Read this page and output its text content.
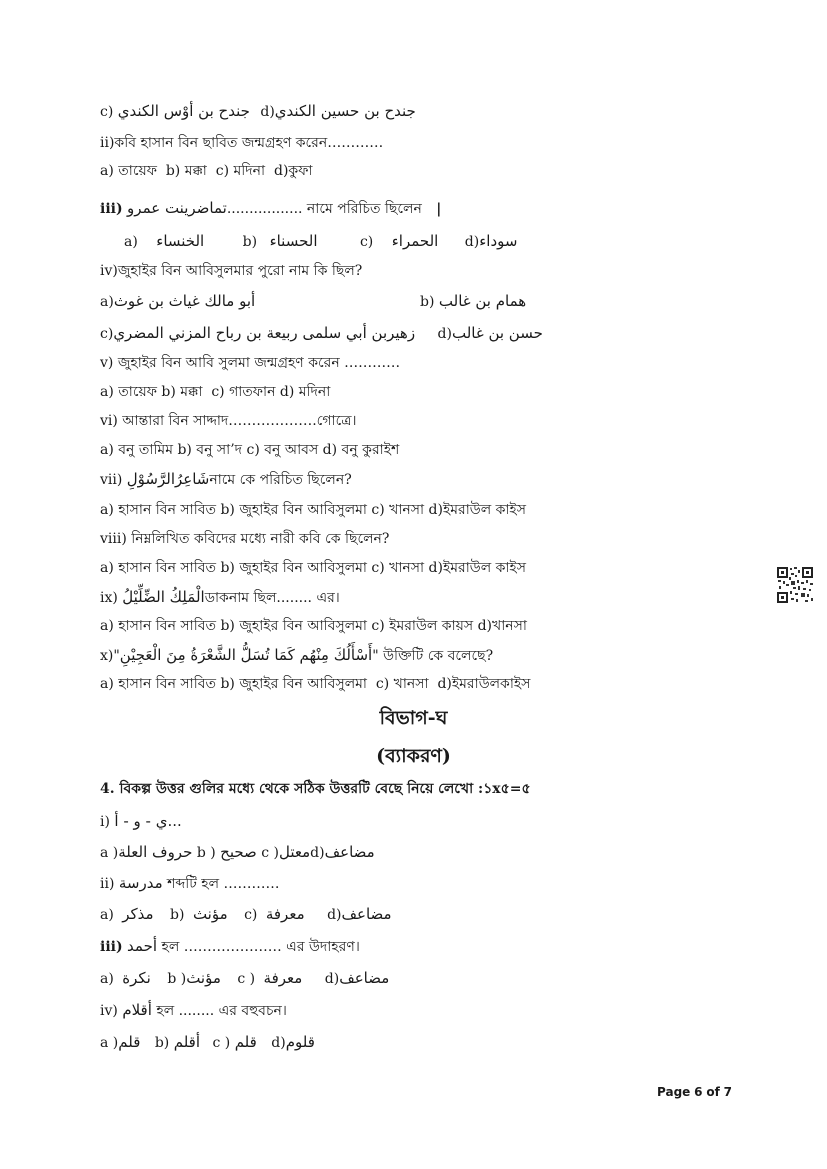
c) جندح بن أوْس الكندي d)جندح بن حسين الكندي
ii)কবি হাসান বিন ছাবিত জন্মগ্রহণ করেন…………
a) তায়েফ b) মক্কা c) মদিনা d)কুফা
iii) تماضرينت عمرو................. নামে পরিচিত ছিলেন |
a) الخنساء	b) الحسناء	c) الحمراء d)سوداء
iv)জুহাইর বিন আবিসুলমার পুরো নাম কি ছিল?
a)أبو مالك غياث بن غوث	b) همام بن غالب
c)زهيربن أبي سلمى ربيعة بن رباح المزني المضري d)حسن بن غالب
v) জুহাইর বিন আবি সুলমা জন্মগ্রহণ করেন …………
a) তায়েফ b) মক্কা c) গাতফান d) মদিনা
vi) আন্তারা বিন সাদ্দাদ……………….গোত্রে।
a) বনু তামিম b) বনু সা’দ c) বনু আবস d) বনু কুরাইশ
vii) شَاعِرُالرَّسُوْلِনামে কে পরিচিত ছিলেন?
a) হাসান বিন সাবিত b) জুহাইর বিন আবিসুলমা c) খানসা d)ইমরাউল কাইস
viii) নিম্নলিখিত কবিদের মধ্যে নারী কবি কে ছিলেন?
a) হাসান বিন সাবিত b) জুহাইর বিন আবিসুলমা c) খানসা d)ইমরাউল কাইস
ix) الْمَلِكُ الضِّلِّيْلُডাকনাম ছিল........ এর।
a) হাসান বিন সাবিত b) জুহাইর বিন আবিসুলমা c) ইমরাউল কায়স d)খানসা
x)"أَسْأَلُكَ مِنْهُم كَمَا تُسَلُّ الشَّعْرَةُ مِنَ الْعَجِيْنِ" উক্তিটি কে বলেছে?
a) হাসান বিন সাবিত b) জুহাইর বিন আবিসুলমা c) খানসা d)ইমরাউলকাইস
বিভাগ-ঘ
(ব্যাকরণ)
4. বিকল্প উত্তর গুলির মধ্যে থেকে সঠিক উত্তরটি বেছে নিয়ে লেখো :১x৫=৫
i) ي - و - أ...
a )حروف العلة b ) صحيح c )معتلd)مضاعف
ii) مدرسة শব্দটি হল …………
a) مذكر b) مؤنث c) معرفة d)مضاعف
iii) أحمد হল ………………… এর উদাহরণ।
a) نكرة b )مؤنث c ) معرفة d)مضاعف
iv) أقلام হল ........ এর বহুবচন।
a )قلم b) أقلم c ) قلم d)قلوم
Page 6 of 7
